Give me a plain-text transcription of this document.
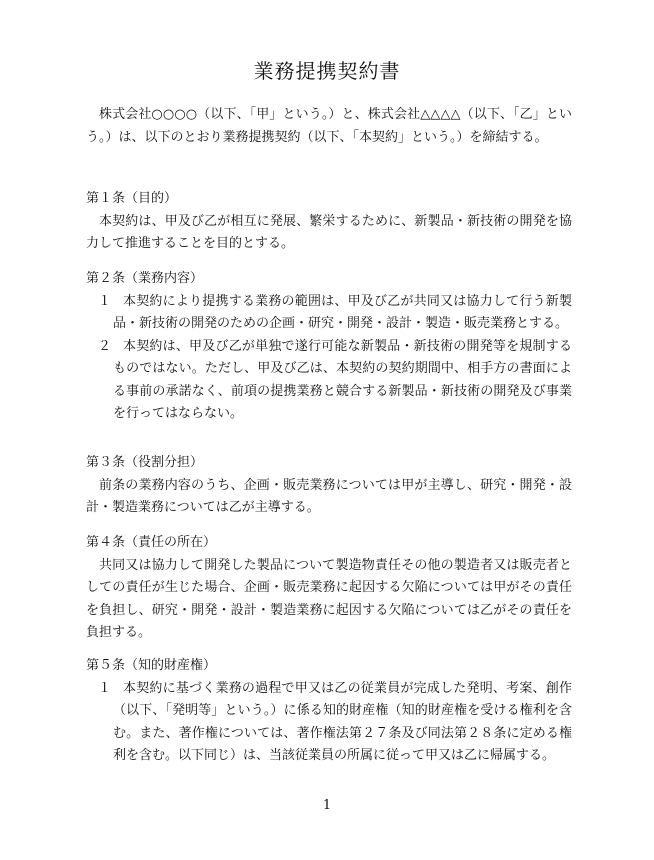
業務提携契約書

株式会社○○○○（以下、「甲」という。）と、株式会社△△△△（以下、「乙」という。）は、以下のとおり業務提携契約（以下、「本契約」という。）を締結する。

第１条（目的）

本契約は、甲及び乙が相互に発展、繁栄するために、新製品・新技術の開発を協力して推進することを目的とする。

第２条（業務内容）

１ 本契約により提携する業務の範囲は、甲及び乙が共同又は協力して行う新製品・新技術の開発のための企画・研究・開発・設計・製造・販売業務とする。
２ 本契約は、甲及び乙が単独で遂行可能な新製品・新技術の開発等を規制するものではない。ただし、甲及び乙は、本契約の契約期間中、相手方の書面による事前の承諾なく、前項の提携業務と競合する新製品・新技術の開発及び事業を行ってはならない。

第３条（役割分担）

前条の業務内容のうち、企画・販売業務については甲が主導し、研究・開発・設計・製造業務については乙が主導する。

第４条（責任の所在）

共同又は協力して開発した製品について製造物責任その他の製造者又は販売者としての責任が生じた場合、企画・販売業務に起因する欠陥については甲がその責任を負担し、研究・開発・設計・製造業務に起因する欠陥については乙がその責任を負担する。

第５条（知的財産権）

１ 本契約に基づく業務の過程で甲又は乙の従業員が完成した発明、考案、創作（以下、「発明等」という。）に係る知的財産権（知的財産権を受ける権利を含む。また、著作権については、著作権法第２７条及び同法第２８条に定める権利を含む。以下同じ）は、当該従業員の所属に従って甲又は乙に帰属する。
1
